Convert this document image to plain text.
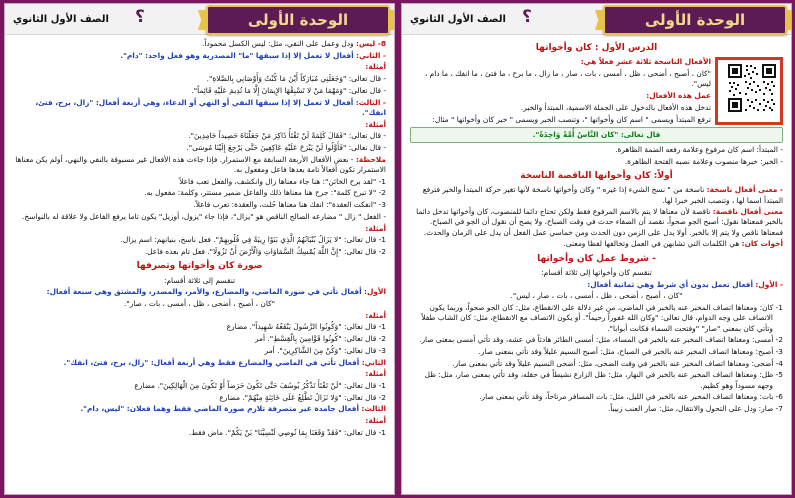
الوحدة الأولى
؟
الصف الأول الثانوي
الدرس الأول : كان وأخواتها
الأفعال الناسخة ثلاثة عشر فعلاً هي:
"كان ، أصبح ، أضحى ، ظل ، أمسى ، بات ، صار ، ما زال ، ما برح ، ما فتئ ، ما انفك ، ما دام ، ليس".
عمل هذه الأفعال:
تدخل هذه الأفعال بالدخول على الجملة الاسمية، المبتدأ والخبر.
ترفع المبتدأ ويسمى " اسم كان وأخواتها "، وتنصب الخبر ويسمى " خبر كان وأخواتها " مثال:
قال تعالى: "كان النَّاسُ أُمَّةً وَاحِدَةً".
- المبتدأ: اسم كان مرفوع وعلامة رفعه الضمة الظاهرة.
- الخبر: خبرها منصوب وعلامة نصبه الفتحة الظاهرة.
أولاً: كان وأخواتها الناقصة الناسخة
- معنى أفعال ناسخة: ناسخة من " نسخ الشيء إذا غيره " وكان وأخواتها ناسخة لأنها تغير حركة المبتدأ والخبر فترفع المبتدأ اسما لها ، وتنصب الخبر خبرا لها.
معنى أفعال ناقصة: ناقصة لأن معناها لا يتم بالاسم المرفوع فقط ولكن تحتاج دائما للمنصوب، كان وأخواتها تدخل دائما بالخبر فمعناها نقول: أصبح الجو صحواً، نقصد أن الصفاء حدث في وقت الصباح، ولا يصح أن نقول أن الجو في الصباح. فمعناها ناقص ولا يتم إلا بالخبر. أولا يدل على الزمن دون الحدث ومن خماسي عمل الفعل أن يدل على الزمان والحدث.
أخوات كان: هي الكلمات التي تشابهن في العمل وتخالفها لفظا ومعنى.
- شروط عمل كان وأخواتها
تنقسم كان وأخواتها إلى ثلاثة أقسام:
- الأول: أفعال تعمل بدون أي شرط وهي ثمانية أفعال:
"كان ، أصبح ، أضحى ، ظل ، أمسى ، بات ، صار ، ليس".
1- كان: ومعناها اتصاف المخبر عنه بالخبر في الماضي، من غير دلالة على الانقطاع، مثل: كان الجو صحواً، وربما يكون الاتصاف على وجه الدوام، قال تعالى: "وكان الله غفوراً رحيماً". أو يكون الاتصاف مع الانقطاع، مثل: كان الشاب طفلاً وتأتي كان بمعنى "صار" "وفتحت السماء فكانت أبوابا".
2- أمسى: ومعناها اتصاف المخبر عنه بالخبر في المساء، مثل: أمسى الطائر هادئاً في عشه، وقد تأتي أمسى بمعنى صار.
3- أصبح: ومعناها اتصاف المخبر عنه بالخبر في الصباح، مثل: أصبح النسيم عليلاً وقد تأتي بمعنى صار.
4- أضحى: ومعناها اتصاف المخبر عنه بالخبر في وقت الضحى، مثل: أضحى النسيم عليلاً وقد تأتي بمعنى صار.
5- ظل: ومعناها اتصاف المخبر عنه بالخبر في النهار، مثل: ظل الزارع نشيطاً في حقله، وقد تأتي بمعنى صار، مثل: ظل وجهه مسوداً وهو كظيم.
6- بات: ومعناها اتصاف المخبر عنه بالخبر في الليل، مثل: بات المسافر مرتاحاً، وقد تأتي بمعنى صار.
7- صار: ودل على التحول والانتقال، مثل: صار العنب زبيباً.
الوحدة الأولى
؟
الصف الأول الثانوي
8- ليس: ودل وعمل على النفي، مثل: ليس الكسل محموداً.
- الثاني: أفعال لا تعمل إلا إذا سبقها "ما" المصدرية وهو فعل واحد: "دام".
أمثلة:
- قال تعالى: "وَجَعَلَنِي مُبَارَكاً أَيْنَ مَا كُنْتُ وَأَوْصَانِي بِالصَّلاةِ".
- قال تعالى: "وَمَهْمَا مَنْ لا تَسْبِقْهَا الإِيمَانَ إِلَّا مَا تُدِيمَ عَلَيْهِ قَائِماً".
- الثالث: أفعال لا تعمل إلا إذا سبقها النفي أو النهي أو الدعاء، وهي أربعة أفعال: "زال، برح، فتئ، انفك".
أمثلة:
- قال تعالى: "فَقَالَ كَلِمَةً لَنْ تَفْتَأُ ذَاكِرَ مَنْ جَعَلْنَاهُ حَصِيداً خَامِدِينَ".
- قال تعالى: "فَأَوَّلُوا لَنْ يَبْرَحَ عَلَيْهِ عَاكِفِينَ حَتَّى يَرْجِعَ إِلَيْنَا مُوسَى".
ملاحظة: - بعض الأفعال الأربعة السابقة مع الاستمرار. فإذا جاءت هذه الأفعال غير مسبوقة بالنفي والنهي، أولم يكن معناها الاستمرار تكون أفعالاً تامة بعدها فاعل ومفعول به.
1- "لقد برح الخائن": هنا جاء معناها زال وانكشف، والفعل تعب فاعلاً
2- "لا تبرح كلمة": جرح هنا معناها ذلك والفاعل ضمير مستتر، وكلمة: مفعول به.
3- "انفكت العقدة": انفك هنا معناها حُلت، والعقدة: تعرب فاعلاً.
- الفعل " زال " مضارعه الصالح الناقص هو "يزال"، فإذا جاء "يزول، أوزيل" يكون تاما يرفع الفاعل ولا علاقة له بالنواسخ.
أمثلة:
1- قال تعالى: "لا يَزَالُ بُنْيَانُهُمُ الَّذِي بَنَوْا رِيبَةً فِي قُلُوبِهِمْ". فعل ناسخ، بنيانهم: اسم يزال.
2- قال تعالى: "إِنَّ اللَّهَ يُمْسِكُ السَّمَاوَاتِ وَالْأَرْضَ أَنْ تَزُولَا". فعل تام بعده فاعل.
صورة كان وأخواتها وتصرفها
تنقسم إلى ثلاثة أقسام:
الأول: أفعال تأتي في صورة الماضي، والمضارع، والأمر، والمصدر، والمشتق وهي سبعة أفعال:
"كان ، أصبح ، أضحى ، ظل ، أمسى ، بات ، صار".
أمثلة:
1- قال تعالى: "وَكُونُوا الرَّسُولَ يَنْفَعُهُ شَهِيداً". مضارع
2- قال تعالى: "كُونُوا قَوَّامِينَ بِالْقِسْطِ". أمر
3- قال تعالى: "وَكُنْ مِنَ الشَّاكِرِينَ". أمر
الثاني: أفعال تأتي في الماضي والمضارع فقط وهي أربعة أفعال: "زال، برح، فتئ، انفك".
أمثلة:
1- قال تعالى: "لَنْ تَفْتَأَ تَذْكُرُ يُوسُفَ حَتَّى تَكُونَ حَرَضاً أَوْ تَكُونَ مِنَ الْهَالِكِينَ". مضارع
2- قال تعالى: "وَلا نَزَالُ تَطَّلِعُ عَلَى خَائِنَةٍ مِنْهُمْ". مضارع
الثالث: أفعال جامدة غير متصرفة تلازم صورة الماضي فقط وهما فعلان: "ليس، دام".
أمثلة:
1- قال تعالى: "فَقَدْ وَقَعَنَا بِمَا نُوصِي لَنْسِيَّنَا" بَنْ يَكُمْ". ماض فقط.
